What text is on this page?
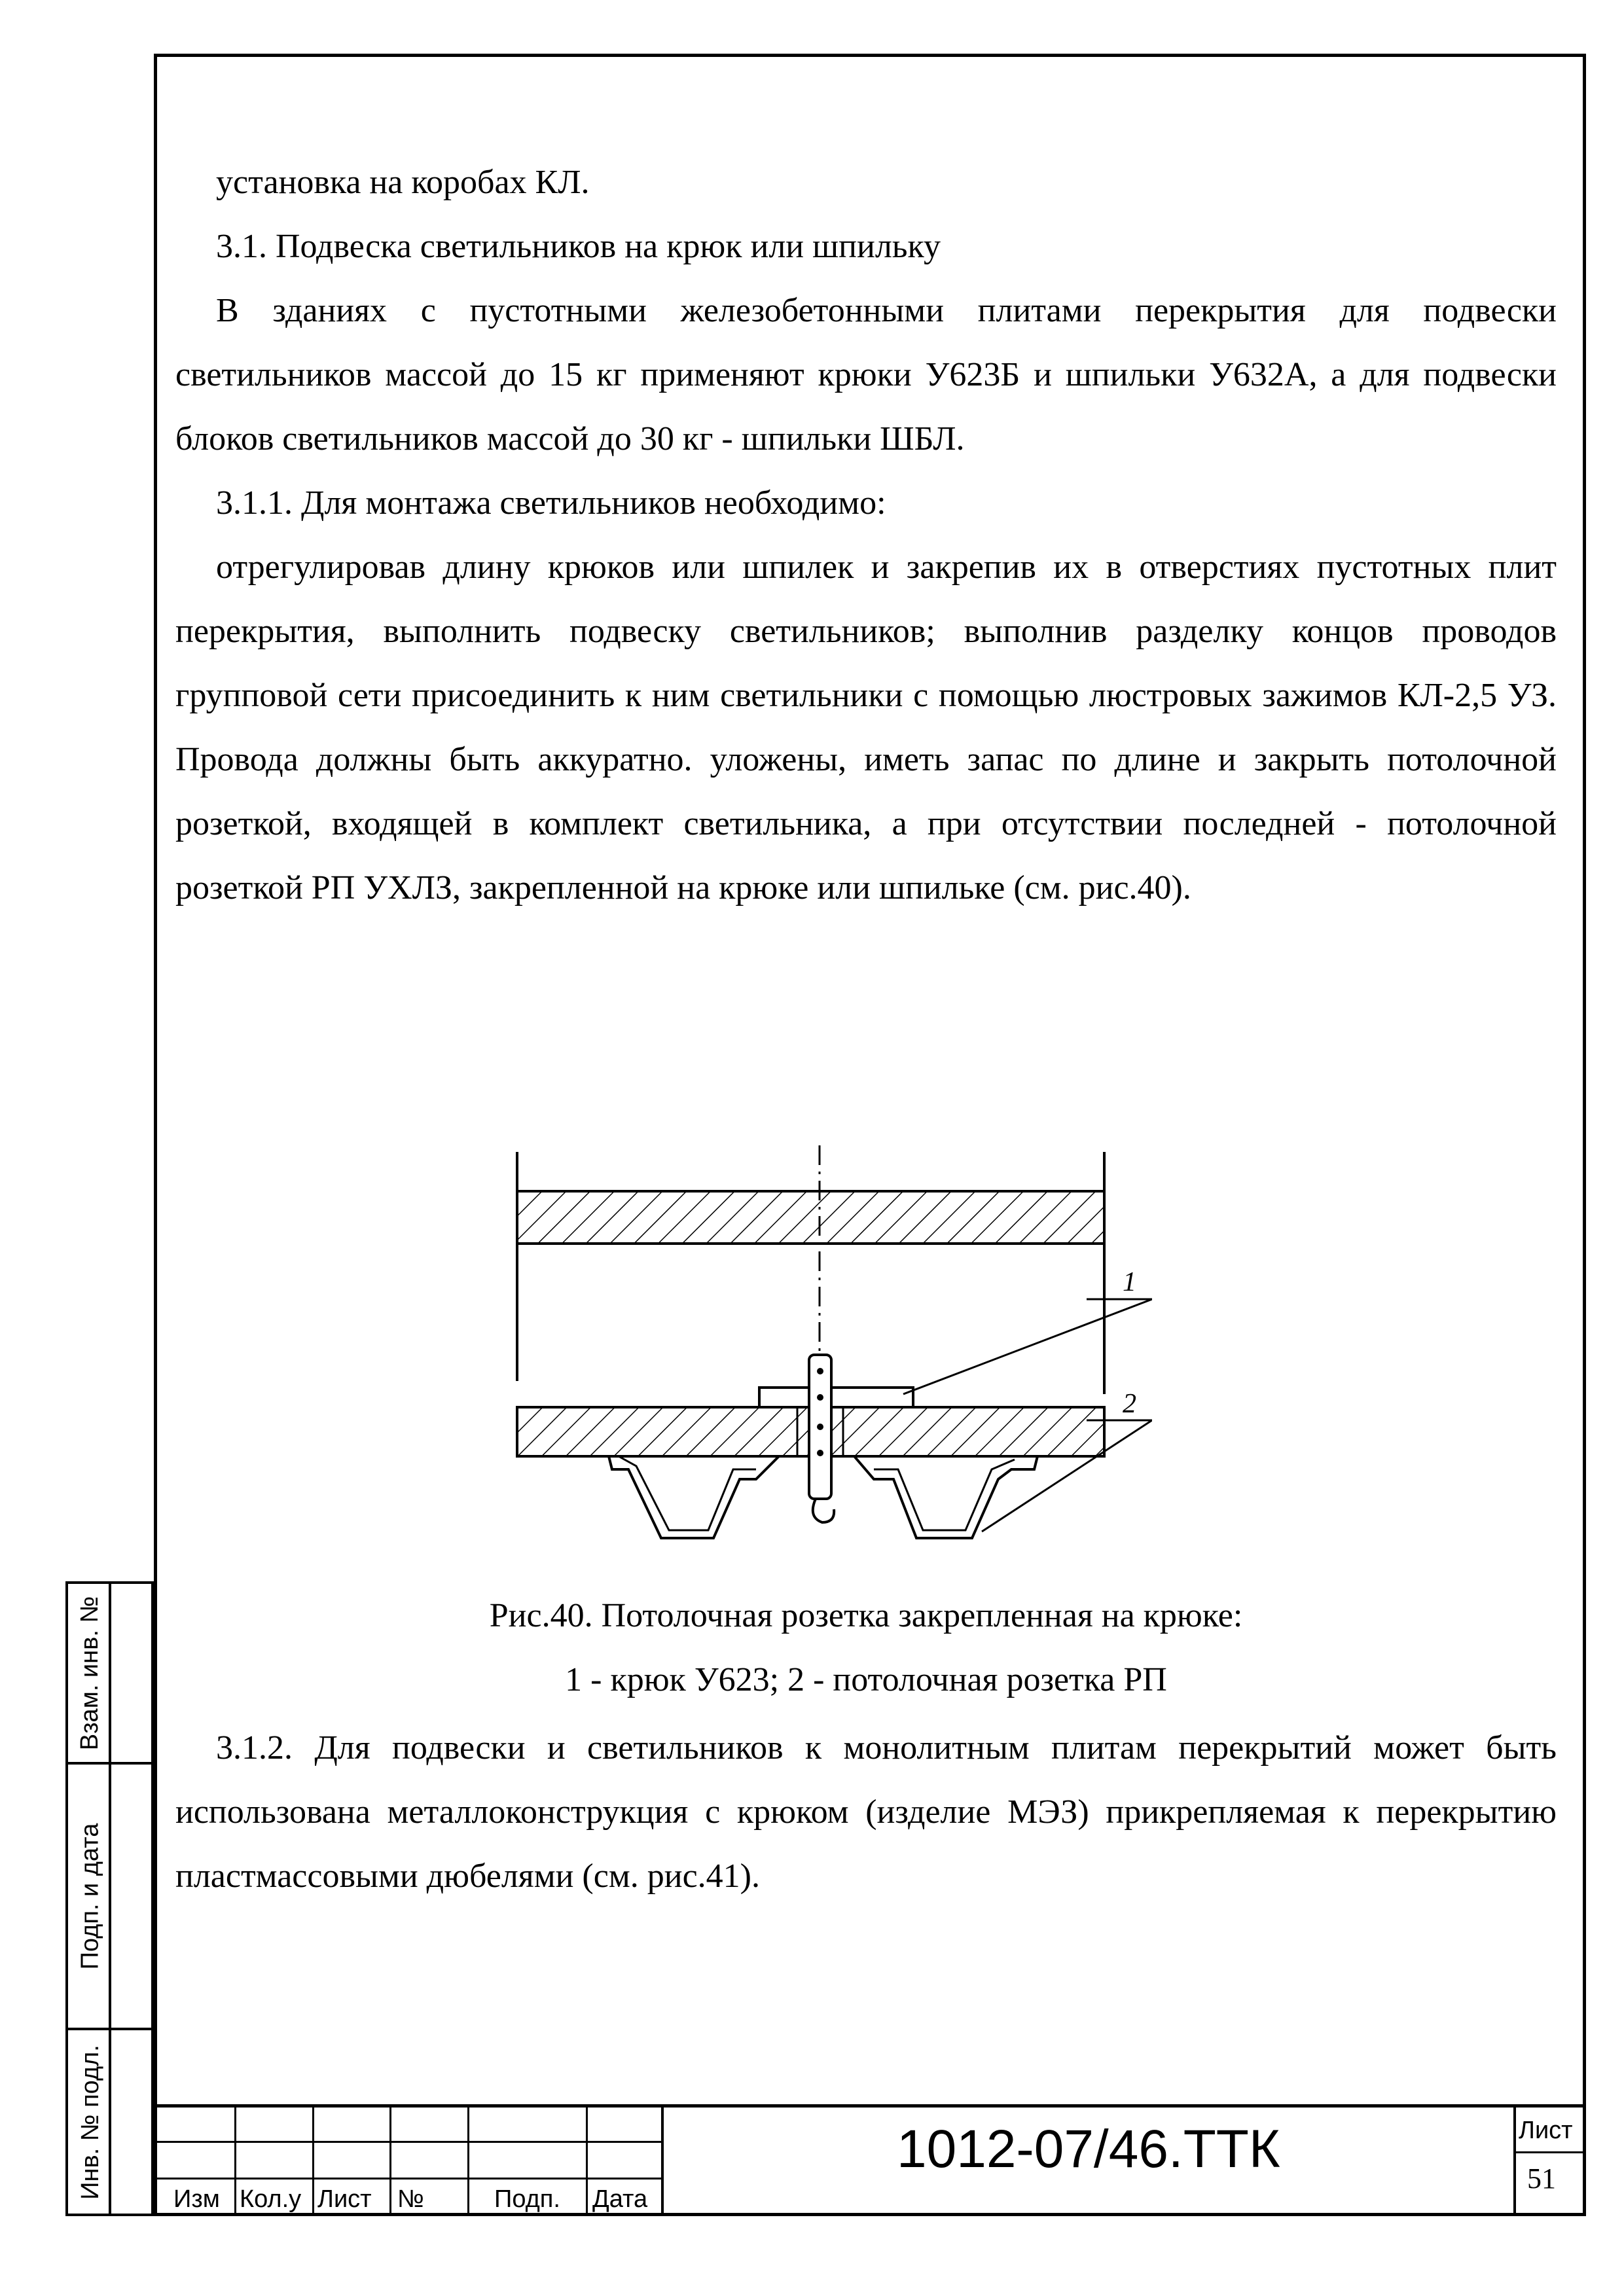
установка на коробах КЛ.

3.1. Подвеска светильников на крюк или шпильку

В зданиях с пустотными железобетонными плитами перекрытия для подвески светильников массой до 15 кг применяют крюки У623Б и шпильки У632А, а для подвески блоков светильников массой до 30 кг - шпильки ШБЛ.

3.1.1. Для монтажа светильников необходимо:

отрегулировав длину крюков или шпилек и закрепив их в отверстиях пустотных плит перекрытия, выполнить подвеску светильников; выполнив разделку концов проводов групповой сети присоединить к ним светильники с помощью люстровых зажимов КЛ-2,5 УЗ. Провода должны быть аккуратно. уложены, иметь запас по длине и закрыть потолочной розеткой, входящей в комплект светильника, а при отсутствии последней - потолочной розеткой РП УХЛЗ, закрепленной на крюке или шпильке (см. рис.40).

1
2
Рис.40. Потолочная розетка закрепленная на крюке:
1 - крюк У623; 2 - потолочная розетка РП

3.1.2. Для подвески и светильников к монолитным плитам перекрытий может быть использована металлоконструкция с крюком (изделие МЭЗ) прикрепляемая к перекрытию пластмассовыми дюбелями (см. рис.41).

Взам. инв. №
Подп. и дата
Инв. № подл.	Изм Кол.у Лист №	Подп. Дата
1012-07/46.ТТК	Лист
51
